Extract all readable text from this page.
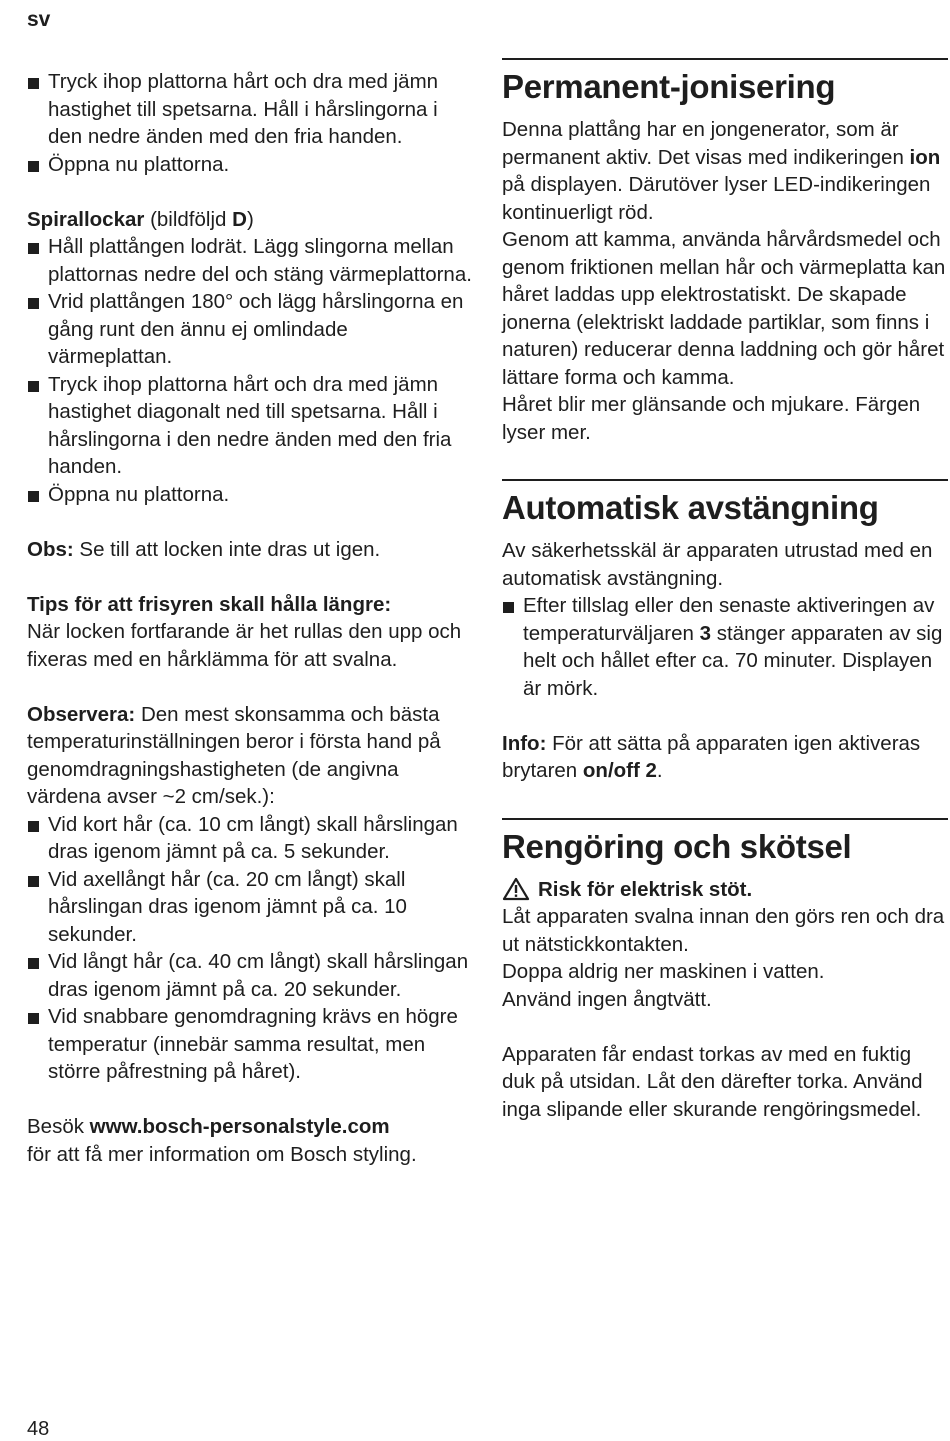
sv
Tryck ihop plattorna hårt och dra med jämn hastighet till spetsarna. Håll i hårslingorna i den nedre änden med den fria handen.
Öppna nu plattorna.

Spirallockar (bildföljd D)

Håll plattången lodrät. Lägg slingorna mellan plattornas nedre del och stäng värmeplattorna.
Vrid plattången 180° och lägg hårslingorna en gång runt den ännu ej omlindade värmeplattan.
Tryck ihop plattorna hårt och dra med jämn hastighet diagonalt ned till spetsarna. Håll i hårslingorna i den nedre änden med den fria handen.
Öppna nu plattorna.

Obs: Se till att locken inte dras ut igen.

Tips för att frisyren skall hålla längre:

När locken fortfarande är het rullas den upp och fixeras med en hårklämma för att svalna.

Observera: Den mest skonsamma och bästa temperaturinställningen beror i första hand på genomdragningshastigheten (de angivna värdena avser ~2 cm/sek.):

Vid kort hår (ca. 10 cm långt) skall hårslingan dras igenom jämnt på ca. 5 sekunder.
Vid axellångt hår (ca. 20 cm långt) skall hårslingan dras igenom jämnt på ca. 10 sekunder.
Vid långt hår (ca. 40 cm långt) skall hårslingan dras igenom jämnt på ca. 20 sekunder.
Vid snabbare genomdragning krävs en högre temperatur (innebär samma resultat, men större påfrestning på håret).

Besök www.bosch-personalstyle.com

för att få mer information om Bosch styling.

Permanent-jonisering

Denna plattång har en jongenerator, som är permanent aktiv. Det visas med indikeringen ion på displayen. Därutöver lyser LED-indikeringen kontinuerligt röd.

Genom att kamma, använda hårvårdsmedel och genom friktionen mellan hår och värmeplatta kan håret laddas upp elektrostatiskt. De skapade jonerna (elektriskt laddade partiklar, som finns i naturen) reducerar denna laddning och gör håret lättare forma och kamma.

Håret blir mer glänsande och mjukare. Färgen lyser mer.

Automatisk avstängning

Av säkerhetsskäl är apparaten utrustad med en automatisk avstängning.

Efter tillslag eller den senaste aktiveringen av temperaturväljaren 3 stänger apparaten av sig helt och hållet efter ca. 70 minuter. Displayen är mörk.

Info: För att sätta på apparaten igen aktiveras brytaren on/off 2.

Rengöring och skötsel
Risk för elektrisk stöt.

Låt apparaten svalna innan den görs ren och dra ut nätstickkontakten.

Doppa aldrig ner maskinen i vatten.

Använd ingen ångtvätt.

Apparaten får endast torkas av med en fuktig duk på utsidan. Låt den därefter torka. Använd inga slipande eller skurande rengöringsmedel.

48
